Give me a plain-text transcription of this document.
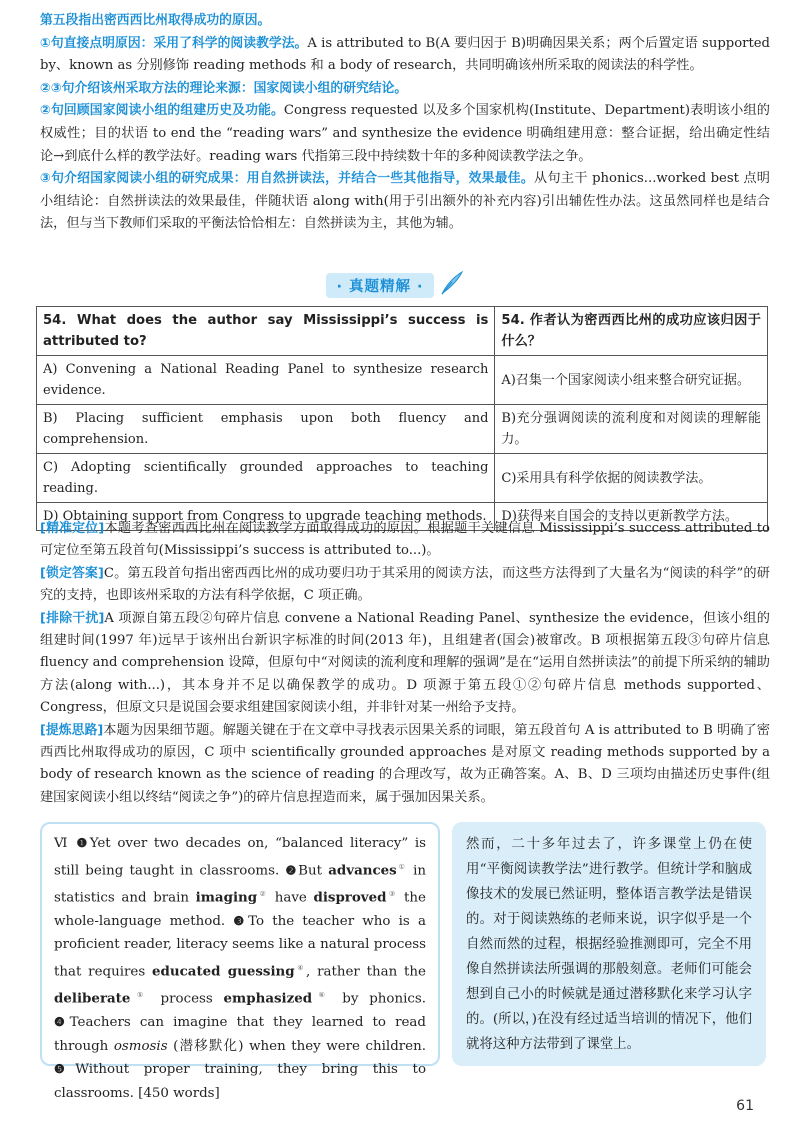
第五段指出密西西比州取得成功的原因。

①句直接点明原因：采用了科学的阅读教学法。A is attributed to B(A 要归因于 B)明确因果关系；两个后置定语 supported by、known as 分别修饰 reading methods 和 a body of research，共同明确该州所采取的阅读法的科学性。

②③句介绍该州采取方法的理论来源：国家阅读小组的研究结论。

②句回顾国家阅读小组的组建历史及功能。Congress requested 以及多个国家机构(Institute、Department)表明该小组的权威性；目的状语 to end the “reading wars” and synthesize the evidence 明确组建用意：整合证据，给出确定性结论→到底什么样的教学法好。reading wars 代指第三段中持续数十年的多种阅读教学法之争。

③句介绍国家阅读小组的研究成果：用自然拼读法，并结合一些其他指导，效果最佳。从句主干 phonics...worked best 点明小组结论：自然拼读法的效果最佳，伴随状语 along with(用于引出额外的补充内容)引出辅佐性办法。这虽然同样也是结合法，但与当下教师们采取的平衡法恰恰相左：自然拼读为主，其他为辅。

· 真题精解 ·
54. What does the author say Mississippi’s success is attributed to?	54. 作者认为密西西比州的成功应该归因于什么？
A) Convening a National Reading Panel to synthesize research evidence.	A)召集一个国家阅读小组来整合研究证据。
B) Placing sufficient emphasis upon both fluency and comprehension.	B)充分强调阅读的流利度和对阅读的理解能力。
C) Adopting scientifically grounded approaches to teaching reading.	C)采用具有科学依据的阅读教学法。
D) Obtaining support from Congress to upgrade teaching methods.	D)获得来自国会的支持以更新教学方法。

[精准定位]本题考查密西西比州在阅读教学方面取得成功的原因。根据题干关键信息 Mississippi’s success attributed to 可定位至第五段首句(Mississippi’s success is attributed to...)。

[锁定答案]C。第五段首句指出密西西比州的成功要归功于其采用的阅读方法，而这些方法得到了大量名为“阅读的科学”的研究的支持，也即该州采取的方法有科学依据，C 项正确。

[排除干扰]A 项源自第五段②句碎片信息 convene a National Reading Panel、synthesize the evidence，但该小组的组建时间(1997 年)远早于该州出台新识字标准的时间(2013 年)，且组建者(国会)被窜改。B 项根据第五段③句碎片信息 fluency and comprehension 设障，但原句中“对阅读的流利度和理解的强调”是在“运用自然拼读法”的前提下所采纳的辅助方法(along with...)，其本身并不足以确保教学的成功。D 项源于第五段①②句碎片信息 methods supported、Congress，但原文只是说国会要求组建国家阅读小组，并非针对某一州给予支持。

[提炼思路]本题为因果细节题。解题关键在于在文章中寻找表示因果关系的词眼，第五段首句 A is attributed to B 明确了密西西比州取得成功的原因，C 项中 scientifically grounded approaches 是对原文 reading methods supported by a body of research known as the science of reading 的合理改写，故为正确答案。A、B、D 三项均由描述历史事件(组建国家阅读小组以终结“阅读之争”)的碎片信息捏造而来，属于强加因果关系。

Ⅵ ❶Yet over two decades on, “balanced literacy” is still being taught in classrooms. ❷But advances① in statistics and brain imaging② have disproved③ the whole-language method. ❸To the teacher who is a proficient reader, literacy seems like a natural process that requires educated guessing④, rather than the deliberate⑤ process emphasized⑥ by phonics. ❹Teachers can imagine that they learned to read through osmosis (潜移默化) when they were children. ❺Without proper training, they bring this to classrooms. [450 words]
然而，二十多年过去了，许多课堂上仍在使用“平衡阅读教学法”进行教学。但统计学和脑成像技术的发展已然证明，整体语言教学法是错误的。对于阅读熟练的老师来说，识字似乎是一个自然而然的过程，根据经验推测即可，完全不用像自然拼读法所强调的那般刻意。老师们可能会想到自己小的时候就是通过潜移默化来学习认字的。(所以，)在没有经过适当培训的情况下，他们就将这种方法带到了课堂上。
61
